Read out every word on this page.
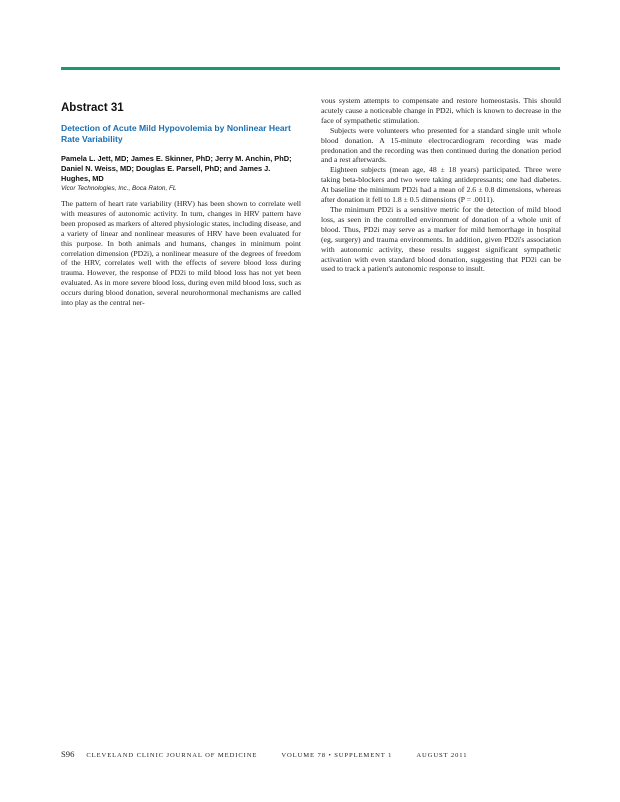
Abstract 31
Detection of Acute Mild Hypovolemia by Nonlinear Heart Rate Variability
Pamela L. Jett, MD; James E. Skinner, PhD; Jerry M. Anchin, PhD;
Daniel N. Weiss, MD; Douglas E. Parsell, PhD; and James J. Hughes, MD
Vicor Technologies, Inc., Boca Raton, FL

The pattern of heart rate variability (HRV) has been shown to correlate well with measures of autonomic activity. In turn, changes in HRV pattern have been proposed as markers of altered physiologic states, including disease, and a variety of linear and nonlinear measures of HRV have been evaluated for this purpose. In both animals and humans, changes in minimum point correlation dimension (PD2i), a nonlinear measure of the degrees of freedom of the HRV, correlates well with the effects of severe blood loss during trauma. However, the response of PD2i to mild blood loss has not yet been evaluated. As in more severe blood loss, during even mild blood loss, such as occurs during blood donation, several neurohormonal mechanisms are called into play as the central ner-

vous system attempts to compensate and restore homeostasis. This should acutely cause a noticeable change in PD2i, which is known to decrease in the face of sympathetic stimulation.

Subjects were volunteers who presented for a standard single unit whole blood donation. A 15-minute electrocardiogram recording was made predonation and the recording was then continued during the donation period and a rest afterwards.

Eighteen subjects (mean age, 48 ± 18 years) participated. Three were taking beta-blockers and two were taking antidepressants; one had diabetes. At baseline the minimum PD2i had a mean of 2.6 ± 0.8 dimensions, whereas after donation it fell to 1.8 ± 0.5 dimensions (P = .0011).

The minimum PD2i is a sensitive metric for the detection of mild blood loss, as seen in the controlled environment of donation of a whole unit of blood. Thus, PD2i may serve as a marker for mild hemorrhage in hospital (eg, surgery) and trauma environments. In addition, given PD2i's association with autonomic activity, these results suggest significant sympathetic activation with even standard blood donation, suggesting that PD2i can be used to track a patient's autonomic response to insult.

S96 CLEVELAND CLINIC JOURNAL OF MEDICINE	VOLUME 78 • SUPPLEMENT 1	AUGUST 2011
